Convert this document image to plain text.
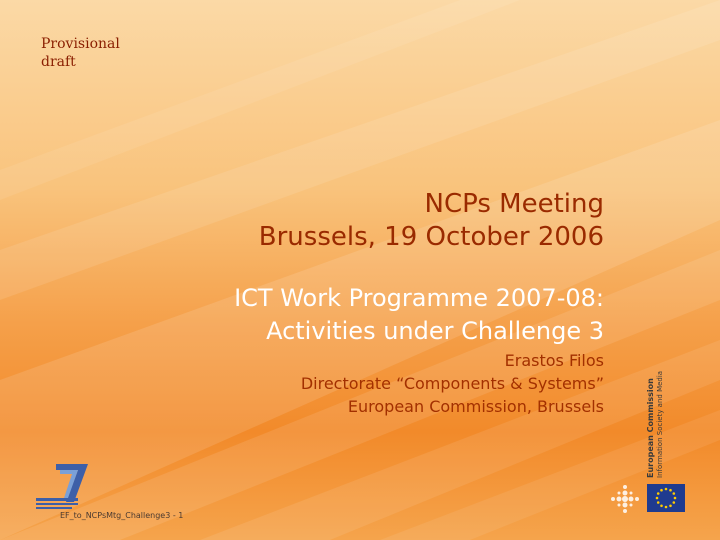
Provisional
draft
NCPs Meeting
Brussels, 19 October 2006
ICT Work Programme 2007-08:
Activities under Challenge 3
Erastos Filos
Directorate “Components & Systems”
European Commission, Brussels	European Commission Information Society and Media
EF_to_NCPsMtg_Challenge3 - 1
